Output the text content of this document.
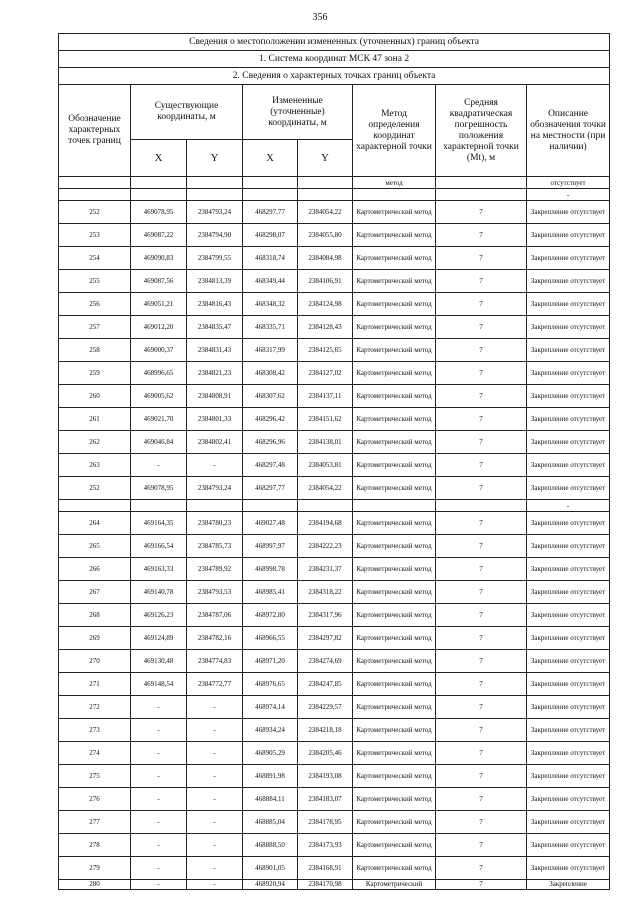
356
Сведения о местоположении измененных (уточненных) границ объекта							
1. Система координат МСК 47 зона 2							
2. Сведения о характерных точках границ объекта							
Обозначение характерных точек границ	Существующие координаты, м		Измененные (уточненные) координаты, м		Метод определения координат характерной точки	Средняя квадратическая погрешность положения характерной точки (Mt), м	Описание обозначения точки на местности (при наличии)
	X	Y	X	Y			
					метод		отсутствует
							-
252	469078,95	2384793,24	468297,77	2384054,22	Картометрический метод	7	Закрепление отсутствует
253	469087,22	2384794,90	468298,07	2384055,80	Картометрический метод	7	Закрепление отсутствует
254	469090,83	2384799,55	468318,74	2384084,98	Картометрический метод	7	Закрепление отсутствует
255	469087,56	2384813,39	468349,44	2384106,91	Картометрический метод	7	Закрепление отсутствует
256	469051,21	2384816,43	468348,32	2384124,98	Картометрический метод	7	Закрепление отсутствует
257	469012,20	2384835,47	468335,71	2384128,43	Картометрический метод	7	Закрепление отсутствует
258	469000,37	2384831,43	468317,99	2384125,65	Картометрический метод	7	Закрепление отсутствует
259	468996,65	2384821,23	468308,42	2384127,02	Картометрический метод	7	Закрепление отсутствует
260	469005,62	2384808,91	468307,62	2384137,11	Картометрический метод	7	Закрепление отсутствует
261	469021,70	2384801,33	468296,42	2384151,62	Картометрический метод	7	Закрепление отсутствует
262	469046,84	2384802,41	468296,96	2384138,01	Картометрический метод	7	Закрепление отсутствует
263	-	-	468297,48	2384053,81	Картометрический метод	7	Закрепление отсутствует
252	469078,95	2384793,24	468297,77	2384054,22	Картометрический метод	7	Закрепление отсутствует
							-
264	469164,35	2384780,23	469027,48	2384194,68	Картометрический метод	7	Закрепление отсутствует
265	469166,54	2384785,73	468997,97	2384222,23	Картометрический метод	7	Закрепление отсутствует
266	469163,33	2384789,92	468998,78	2384231,37	Картометрический метод	7	Закрепление отсутствует
267	469140,78	2384793,53	468985,41	2384318,22	Картометрический метод	7	Закрепление отсутствует
268	469126,23	2384787,06	468972,80	2384317,96	Картометрический метод	7	Закрепление отсутствует
269	469124,89	2384782,16	468966,55	2384297,82	Картометрический метод	7	Закрепление отсутствует
270	469130,48	2384774,83	468971,20	2384274,69	Картометрический метод	7	Закрепление отсутствует
271	469148,54	2384772,77	468976,65	2384247,85	Картометрический метод	7	Закрепление отсутствует
272	-	-	468974,14	2384229,57	Картометрический метод	7	Закрепление отсутствует
273	-	-	468934,24	2384218,18	Картометрический метод	7	Закрепление отсутствует
274	-	-	468905,29	2384205,46	Картометрический метод	7	Закрепление отсутствует
275	-	-	468891,98	2384193,08	Картометрический метод	7	Закрепление отсутствует
276	-	-	468884,11	2384183,07	Картометрический метод	7	Закрепление отсутствует
277	-	-	468885,04	2384178,95	Картометрический метод	7	Закрепление отсутствует
278	-	-	468888,50	2384173,93	Картометрический метод	7	Закрепление отсутствует
279	-	-	468901,05	2384168,91	Картометрический метод	7	Закрепление отсутствует
280	-	-	468920,94	2384170,98	Картометрический	7	Закрепление
